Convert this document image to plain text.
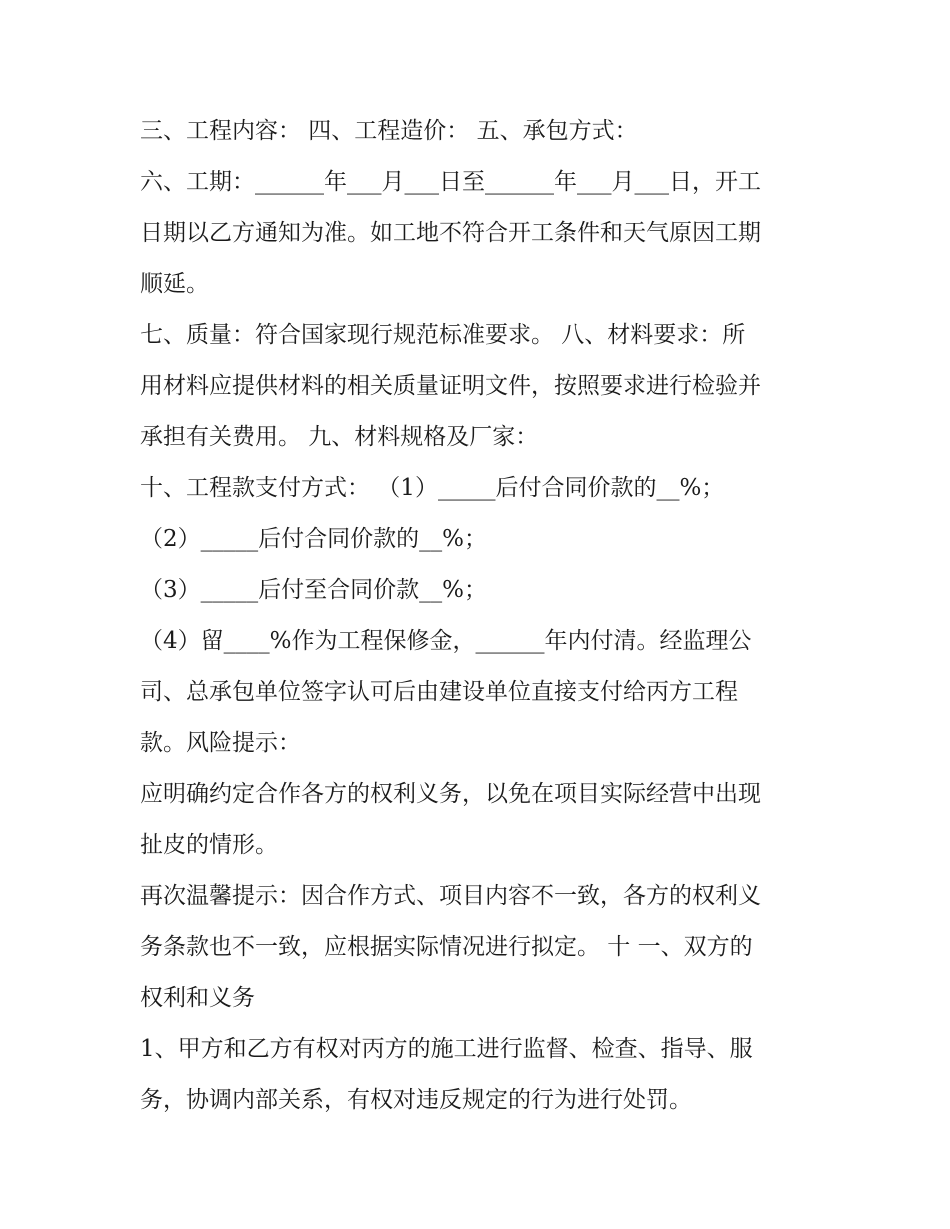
三、工程内容： 四、工程造价： 五、承包方式：
六、工期：______年___月___日至______年___月___日，开工
日期以乙方通知为准。如工地不符合开工条件和天气原因工期
顺延。
七、质量：符合国家现行规范标准要求。 八、材料要求：所
用材料应提供材料的相关质量证明文件，按照要求进行检验并
承担有关费用。 九、材料规格及厂家：
十、工程款支付方式： （1）_____后付合同价款的__%；
（2）_____后付合同价款的__%；
（3）_____后付至合同价款__%；
（4）留____%作为工程保修金，______年内付清。经监理公
司、总承包单位签字认可后由建设单位直接支付给丙方工程
款。风险提示：
应明确约定合作各方的权利义务，以免在项目实际经营中出现
扯皮的情形。
再次温馨提示：因合作方式、项目内容不一致，各方的权利义
务条款也不一致，应根据实际情况进行拟定。 十 一、双方的
权利和义务
1、甲方和乙方有权对丙方的施工进行监督、检查、指导、服
务，协调内部关系，有权对违反规定的行为进行处罚。
